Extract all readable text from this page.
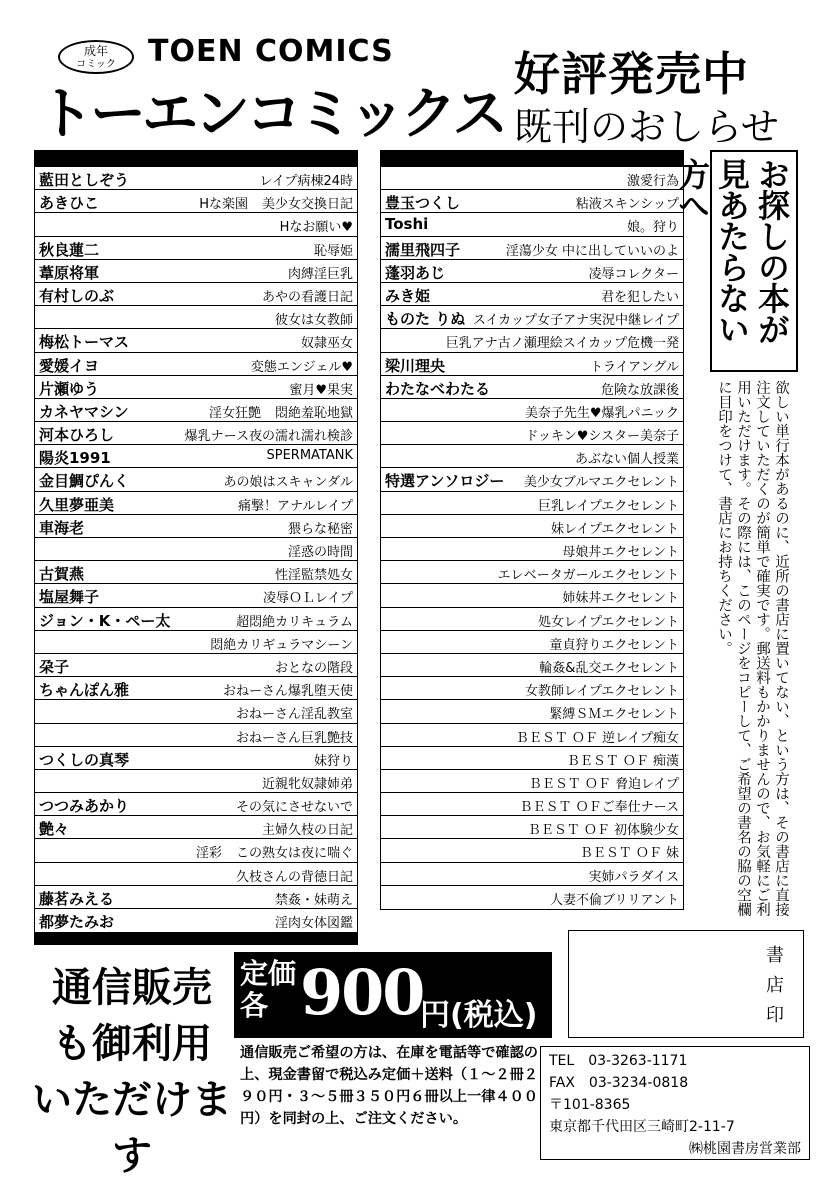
成年
コミック	TOEN COMICS
トーエンコミックス
好評発売中
既刊のおしらせ
藍田としぞう	レイプ病棟24時
あきひこ	Hな楽園 美少女交換日記
Hなお願い♥
秋良蓮二	恥辱姫
葦原将軍	肉縛淫巨乳
有村しのぶ	あやの看護日記
彼女は女教師
梅松トーマス	奴隷巫女
愛媛イヨ	変態エンジェル♥
片瀬ゆう	蜜月♥果実
カネヤマシン	淫女狂艶 悶絶羞恥地獄
河本ひろし	爆乳ナース夜の濡れ濡れ検診
陽炎1991	SPERMATANK
金目鯛ぴんく	あの娘はスキャンダル
久里夢亜美	痛撃！アナルレイプ
車海老	猥らな秘密
淫惑の時間
古賀燕	性淫監禁処女
塩屋舞子	凌辱ＯＬレイプ
ジョン・K・ペー太	超悶絶カリキュラム
悶絶カリギュラマシーン
朶子	おとなの階段
ちゃんぽん雅	おねーさん爆乳堕天使
おねーさん淫乱教室
おねーさん巨乳艶技
つくしの真琴	妹狩り
近親牝奴隷姉弟
つつみあかり	その気にさせないで
艶々	主婦久枝の日記
淫彩 この熟女は夜に喘ぐ
久枝さんの背徳日記
藤茗みえる	禁姦・妹萌え
都夢たみお	淫肉女体図鑑
激愛行為
豊玉つくし	粘液スキンシップ
Toshi	娘。狩り
濡里飛四子	淫蕩少女 中に出していいのよ
蓬羽あじ	凌辱コレクター
みき姫	君を犯したい
ものた りぬ スイカップ女子アナ実況中継レイプ
巨乳アナ古ノ瀬理絵スイカップ危機一発
梁川理央	トライアングル
わたなべわたる	危険な放課後
美奈子先生♥爆乳パニック
ドッキン♥シスター美奈子
あぶない個人授業
特選アンソロジー 美少女ブルマエクセレント
巨乳レイプエクセレント
妹レイプエクセレント
母娘丼エクセレント
エレベータガールエクセレント
姉妹丼エクセレント
処女レイプエクセレント
童貞狩りエクセレント
輪姦&乱交エクセレント
女教師レイプエクセレント
緊縛ＳＭエクセレント
ＢＥＳＴ ＯＦ 逆レイプ痴女
ＢＥＳＴ ＯＦ 痴漢
ＢＥＳＴ ＯＦ 脅迫レイプ
ＢＥＳＴ ＯＦご奉仕ナース
ＢＥＳＴ ＯＦ 初体験少女
ＢＥＳＴ ＯＦ 妹
実姉パラダイス
人妻不倫ブリリアント
お探しの本が見あたらない方へ
欲しい単行本があるのに、近所の書店に置いてない、という方は、その書店に直接注文していただくのが簡単で確実です。郵送料もかかりませんので、お気軽にご利用いただけます。その際には、このページをコピーして、ご希望の書名の脇の空欄に目印をつけて、書店にお持ちください。
通信販売
も御利用
いただけます
定価
各 900
円(税込)
通信販売ご希望の方は、在庫を電話等で確認の上、現金書留で税込み定価＋送料（１〜２冊２９０円・３〜５冊３５０円６冊以上一律４００円）を同封の上、ご注文ください。
書店印
TEL　03-3263-1171
FAX　03-3234-0818
〒101-8365
東京都千代田区三崎町2-11-7
㈱桃園書房営業部
